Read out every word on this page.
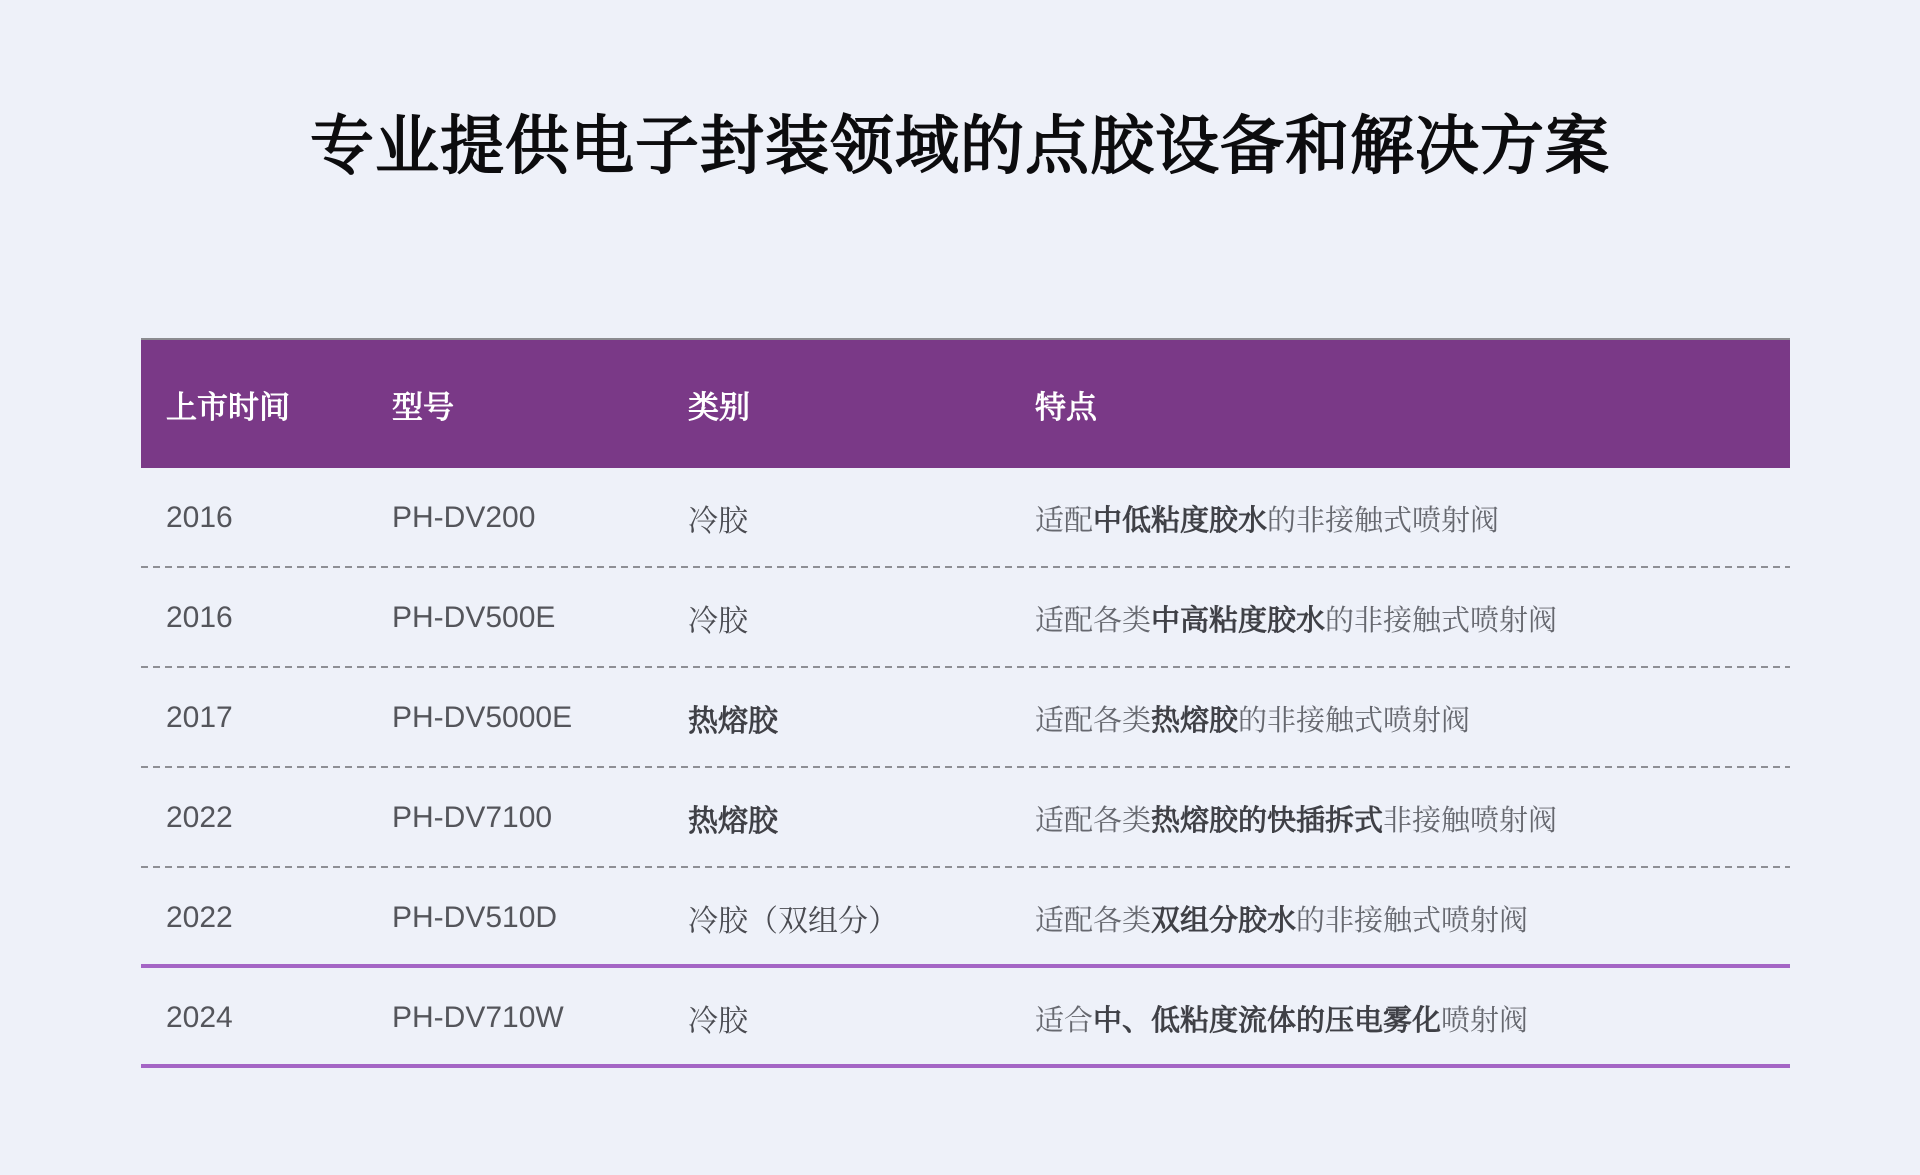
专业提供电子封装领域的点胶设备和解决方案
上市时间	型号	类别	特点
2016	PH-DV200	冷胶	适配中低粘度胶水的非接触式喷射阀
2016	PH-DV500E	冷胶	适配各类中高粘度胶水的非接触式喷射阀
2017	PH-DV5000E	热熔胶	适配各类热熔胶的非接触式喷射阀
2022	PH-DV7100	热熔胶	适配各类热熔胶的快插拆式非接触喷射阀
2022	PH-DV510D	冷胶（双组分）	适配各类双组分胶水的非接触式喷射阀
2024	PH-DV710W	冷胶	适合中、低粘度流体的压电雾化喷射阀
